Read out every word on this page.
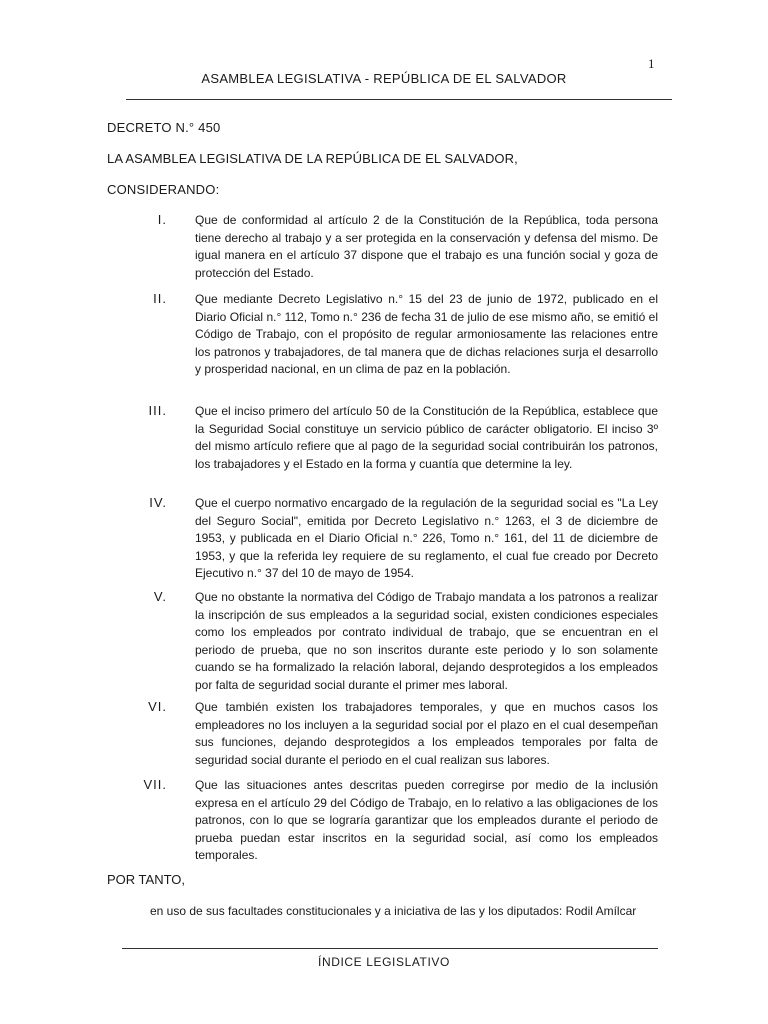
1
ASAMBLEA LEGISLATIVA - REPÚBLICA DE EL SALVADOR
DECRETO N.° 450
LA ASAMBLEA LEGISLATIVA DE LA REPÚBLICA DE EL SALVADOR,
CONSIDERANDO:
I. Que de conformidad al artículo 2 de la Constitución de la República, toda persona tiene derecho al trabajo y a ser protegida en la conservación y defensa del mismo. De igual manera en el artículo 37 dispone que el trabajo es una función social y goza de protección del Estado.
II. Que mediante Decreto Legislativo n.° 15 del 23 de junio de 1972, publicado en el Diario Oficial n.° 112, Tomo n.° 236 de fecha 31 de julio de ese mismo año, se emitió el Código de Trabajo, con el propósito de regular armoniosamente las relaciones entre los patronos y trabajadores, de tal manera que de dichas relaciones surja el desarrollo y prosperidad nacional, en un clima de paz en la población.
III. Que el inciso primero del artículo 50 de la Constitución de la República, establece que la Seguridad Social constituye un servicio público de carácter obligatorio. El inciso 3º del mismo artículo refiere que al pago de la seguridad social contribuirán los patronos, los trabajadores y el Estado en la forma y cuantía que determine la ley.
IV. Que el cuerpo normativo encargado de la regulación de la seguridad social es "La Ley del Seguro Social", emitida por Decreto Legislativo n.° 1263, el 3 de diciembre de 1953, y publicada en el Diario Oficial n.° 226, Tomo n.° 161, del 11 de diciembre de 1953, y que la referida ley requiere de su reglamento, el cual fue creado por Decreto Ejecutivo n.° 37 del 10 de mayo de 1954.
V. Que no obstante la normativa del Código de Trabajo mandata a los patronos a realizar la inscripción de sus empleados a la seguridad social, existen condiciones especiales como los empleados por contrato individual de trabajo, que se encuentran en el periodo de prueba, que no son inscritos durante este periodo y lo son solamente cuando se ha formalizado la relación laboral, dejando desprotegidos a los empleados por falta de seguridad social durante el primer mes laboral.
VI. Que también existen los trabajadores temporales, y que en muchos casos los empleadores no los incluyen a la seguridad social por el plazo en el cual desempeñan sus funciones, dejando desprotegidos a los empleados temporales por falta de seguridad social durante el periodo en el cual realizan sus labores.
VII. Que las situaciones antes descritas pueden corregirse por medio de la inclusión expresa en el artículo 29 del Código de Trabajo, en lo relativo a las obligaciones de los patronos, con lo que se lograría garantizar que los empleados durante el periodo de prueba puedan estar inscritos en la seguridad social, así como los empleados temporales.
POR TANTO,
en uso de sus facultades constitucionales y a iniciativa de las y los diputados: Rodil Amílcar
ÍNDICE LEGISLATIVO
